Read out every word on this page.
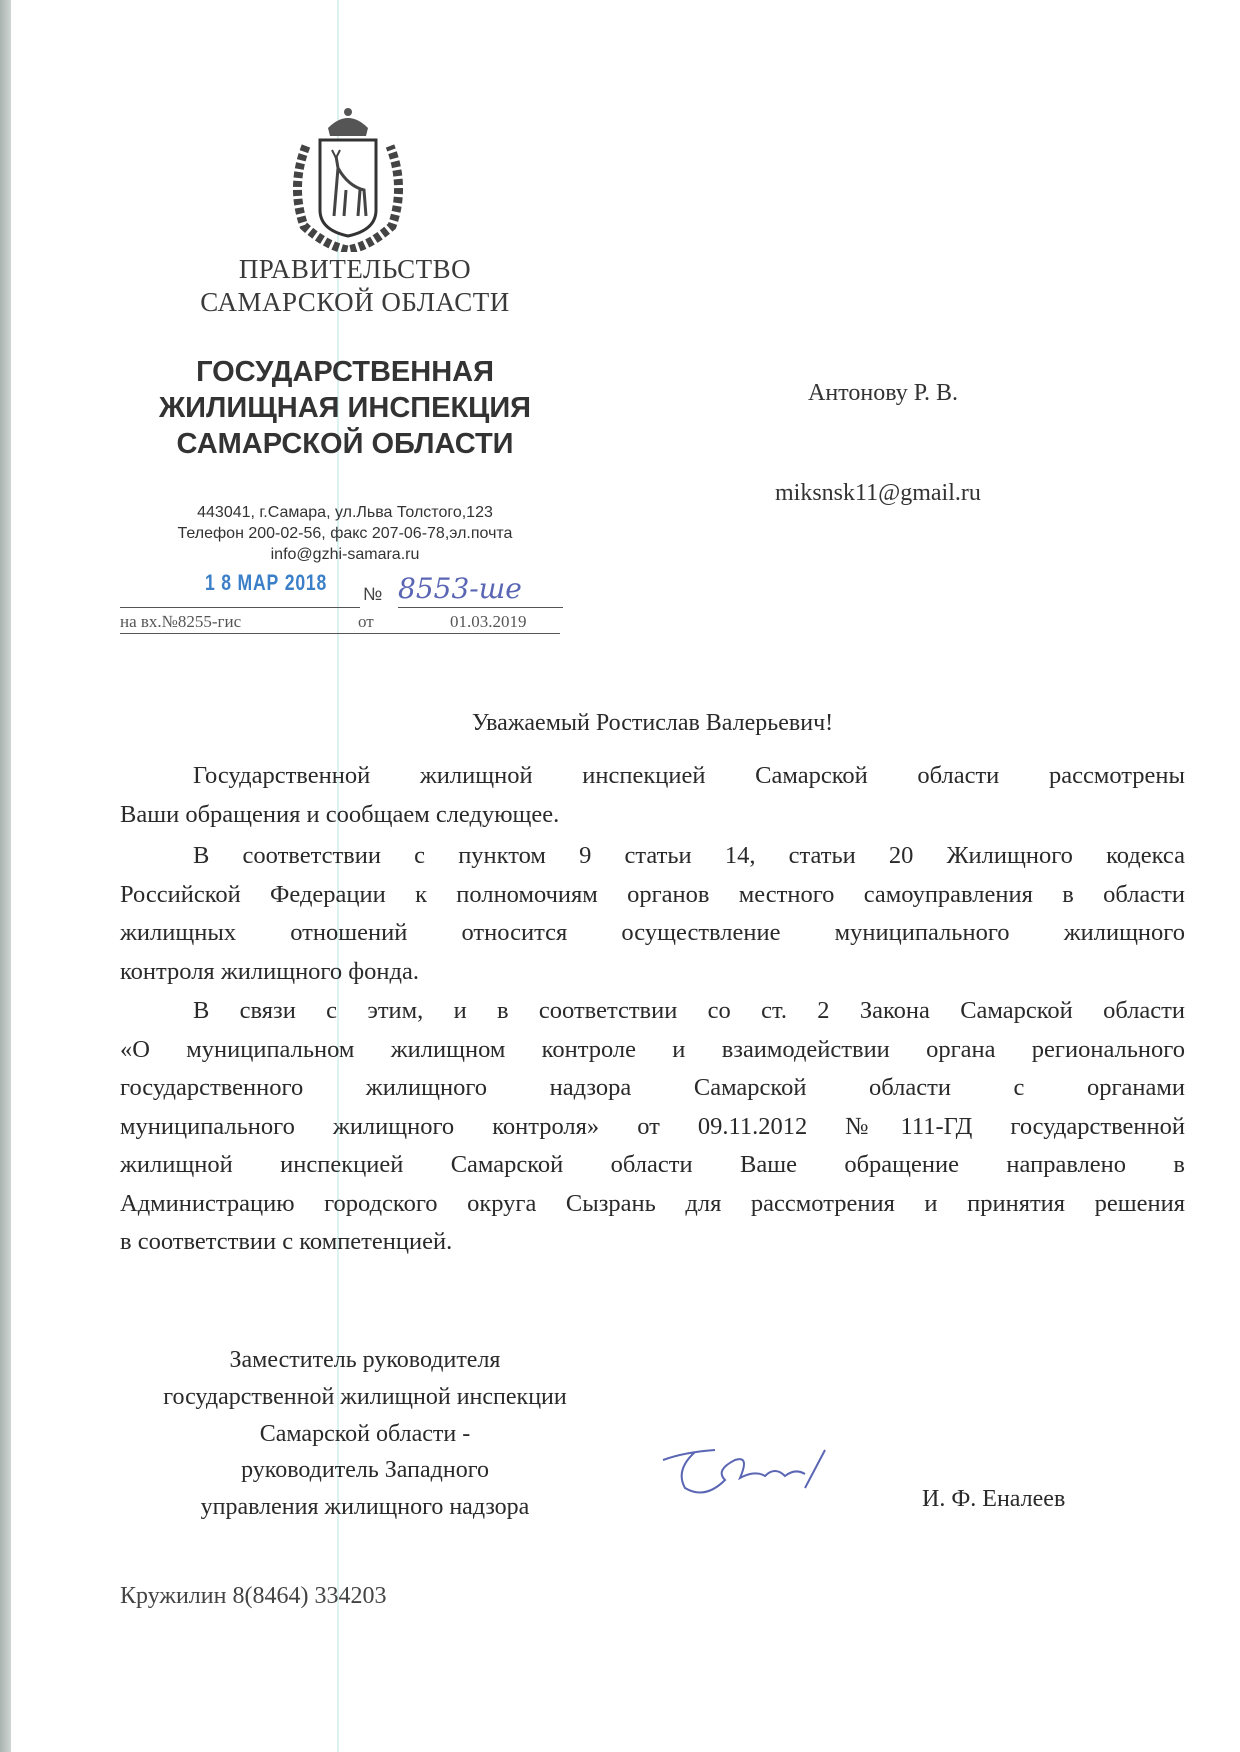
ПРАВИТЕЛЬСТВО
САМАРСКОЙ ОБЛАСТИ
ГОСУДАРСТВЕННАЯ
ЖИЛИЩНАЯ ИНСПЕКЦИЯ
САМАРСКОЙ ОБЛАСТИ
443041, г.Самара, ул.Льва Толстого,123
Телефон 200-02-56, факс 207-06-78,эл.почта
info@gzhi-samara.ru
1 8 МАР 2018 № 8553-ше
на вх.№8255-гис	от	01.03.2019
Антонову Р. В.
miksnsk11@gmail.ru
Уважаемый Ростислав Валерьевич!
Государственной жилищной инспекцией Самарской области рассмотрены
Ваши обращения и сообщаем следующее.
В соответствии с пунктом 9 статьи 14, статьи 20 Жилищного кодекса
Российской Федерации к полномочиям органов местного самоуправления в области
жилищных отношений относится осуществление муниципального жилищного
контроля жилищного фонда.
В связи с этим, и в соответствии со ст. 2 Закона Самарской области
«О муниципальном жилищном контроле и взаимодействии органа регионального
государственного жилищного надзора Самарской области с органами
муниципального жилищного контроля» от 09.11.2012 №111-ГД государственной
жилищной инспекцией Самарской области Ваше обращение направлено в
Администрацию городского округа Сызрань для рассмотрения и принятия решения
в соответствии с компетенцией.
Заместитель руководителя
государственной жилищной инспекции
Самарской области -
руководитель Западного
управления жилищного надзора	И. Ф. Еналеев
Кружилин 8(8464) 334203
